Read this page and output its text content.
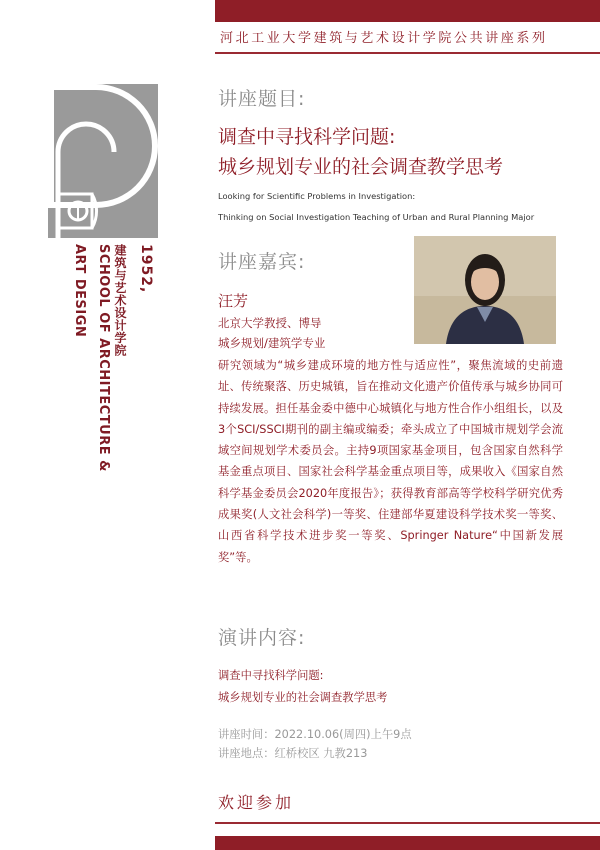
河北工业大学建筑与艺术设计学院公共讲座系列
1952,
建筑与艺术设计学院
SCHOOL OF ARCHITECTURE &
ART DESIGN
讲座题目:
调查中寻找科学问题:
城乡规划专业的社会调查教学思考
Looking for Scientific Problems in Investigation:
Thinking on Social Investigation Teaching of Urban and Rural Planning Major
讲座嘉宾:
汪芳
北京大学教授、博导
城乡规划/建筑学专业
研究领域为“城乡建成环境的地方性与适应性”，聚焦流域的史前遗址、传统聚落、历史城镇，旨在推动文化遗产价值传承与城乡协同可持续发展。担任基金委中德中心城镇化与地方性合作小组组长，以及3个SCI/SSCI期刊的副主编或编委；牵头成立了中国城市规划学会流域空间规划学术委员会。主持9项国家基金项目，包含国家自然科学基金重点项目、国家社会科学基金重点项目等，成果收入《国家自然科学基金委员会2020年度报告》；获得教育部高等学校科学研究优秀成果奖(人文社会科学)一等奖、住建部华夏建设科学技术奖一等奖、山西省科学技术进步奖一等奖、Springer Nature“中国新发展奖”等。
演讲内容:
调查中寻找科学问题:
城乡规划专业的社会调查教学思考
讲座时间：2022.10.06(周四)上午9点
讲座地点：红桥校区 九教213
欢迎参加
